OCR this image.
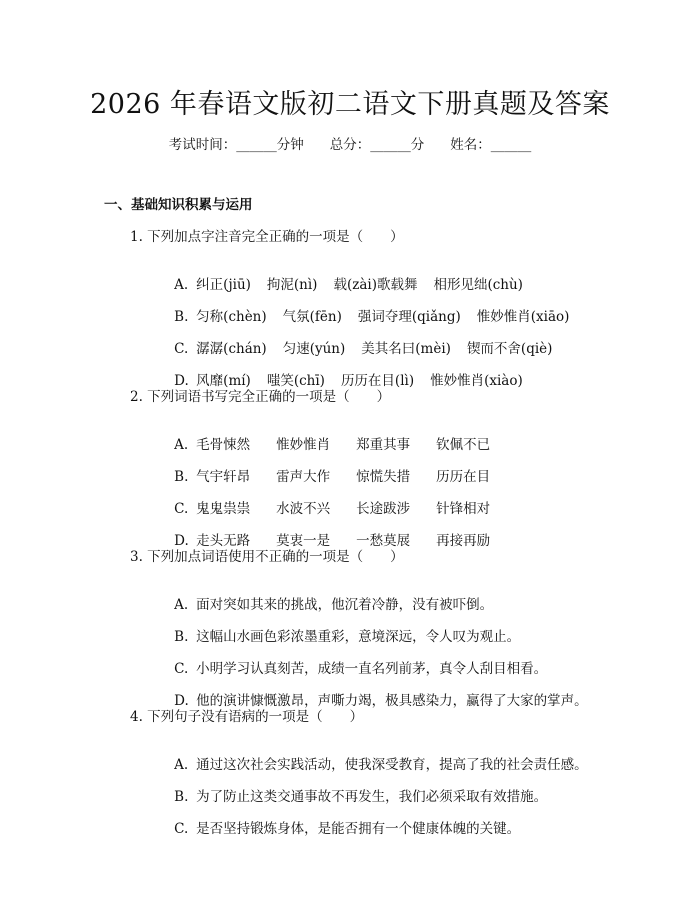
2026 年春语文版初二语文下册真题及答案
考试时间：______分钟 总分：______分 姓名：______
一、基础知识积累与运用
1. 下列加点字注音完全正确的一项是（　　）

A. 纠正(jiū) 拘泥(nì) 载(zài)歌载舞 相形见绌(chù)

B. 匀称(chèn) 气氛(fēn) 强词夺理(qiǎng) 惟妙惟肖(xiāo)

C. 潺潺(chán) 匀速(yún) 美其名曰(mèi) 锲而不舍(qiè)

D. 风靡(mí) 嗤笑(chī) 历历在目(lì) 惟妙惟肖(xiào)

2. 下列词语书写完全正确的一项是（　　）

A. 毛骨悚然 惟妙惟肖 郑重其事 钦佩不已

B. 气宇轩昂 雷声大作 惊慌失措 历历在目

C. 鬼鬼祟祟 水波不兴 长途跋涉 针锋相对

D. 走头无路 莫衷一是 一愁莫展 再接再励

3. 下列加点词语使用不正确的一项是（　　）

A. 面对突如其来的挑战，他沉着冷静，没有被吓倒。

B. 这幅山水画色彩浓墨重彩，意境深远，令人叹为观止。

C. 小明学习认真刻苦，成绩一直名列前茅，真令人刮目相看。

D. 他的演讲慷慨激昂，声嘶力竭，极具感染力，赢得了大家的掌声。

4. 下列句子没有语病的一项是（　　）

A. 通过这次社会实践活动，使我深受教育，提高了我的社会责任感。

B. 为了防止这类交通事故不再发生，我们必须采取有效措施。

C. 是否坚持锻炼身体，是能否拥有一个健康体魄的关键。
